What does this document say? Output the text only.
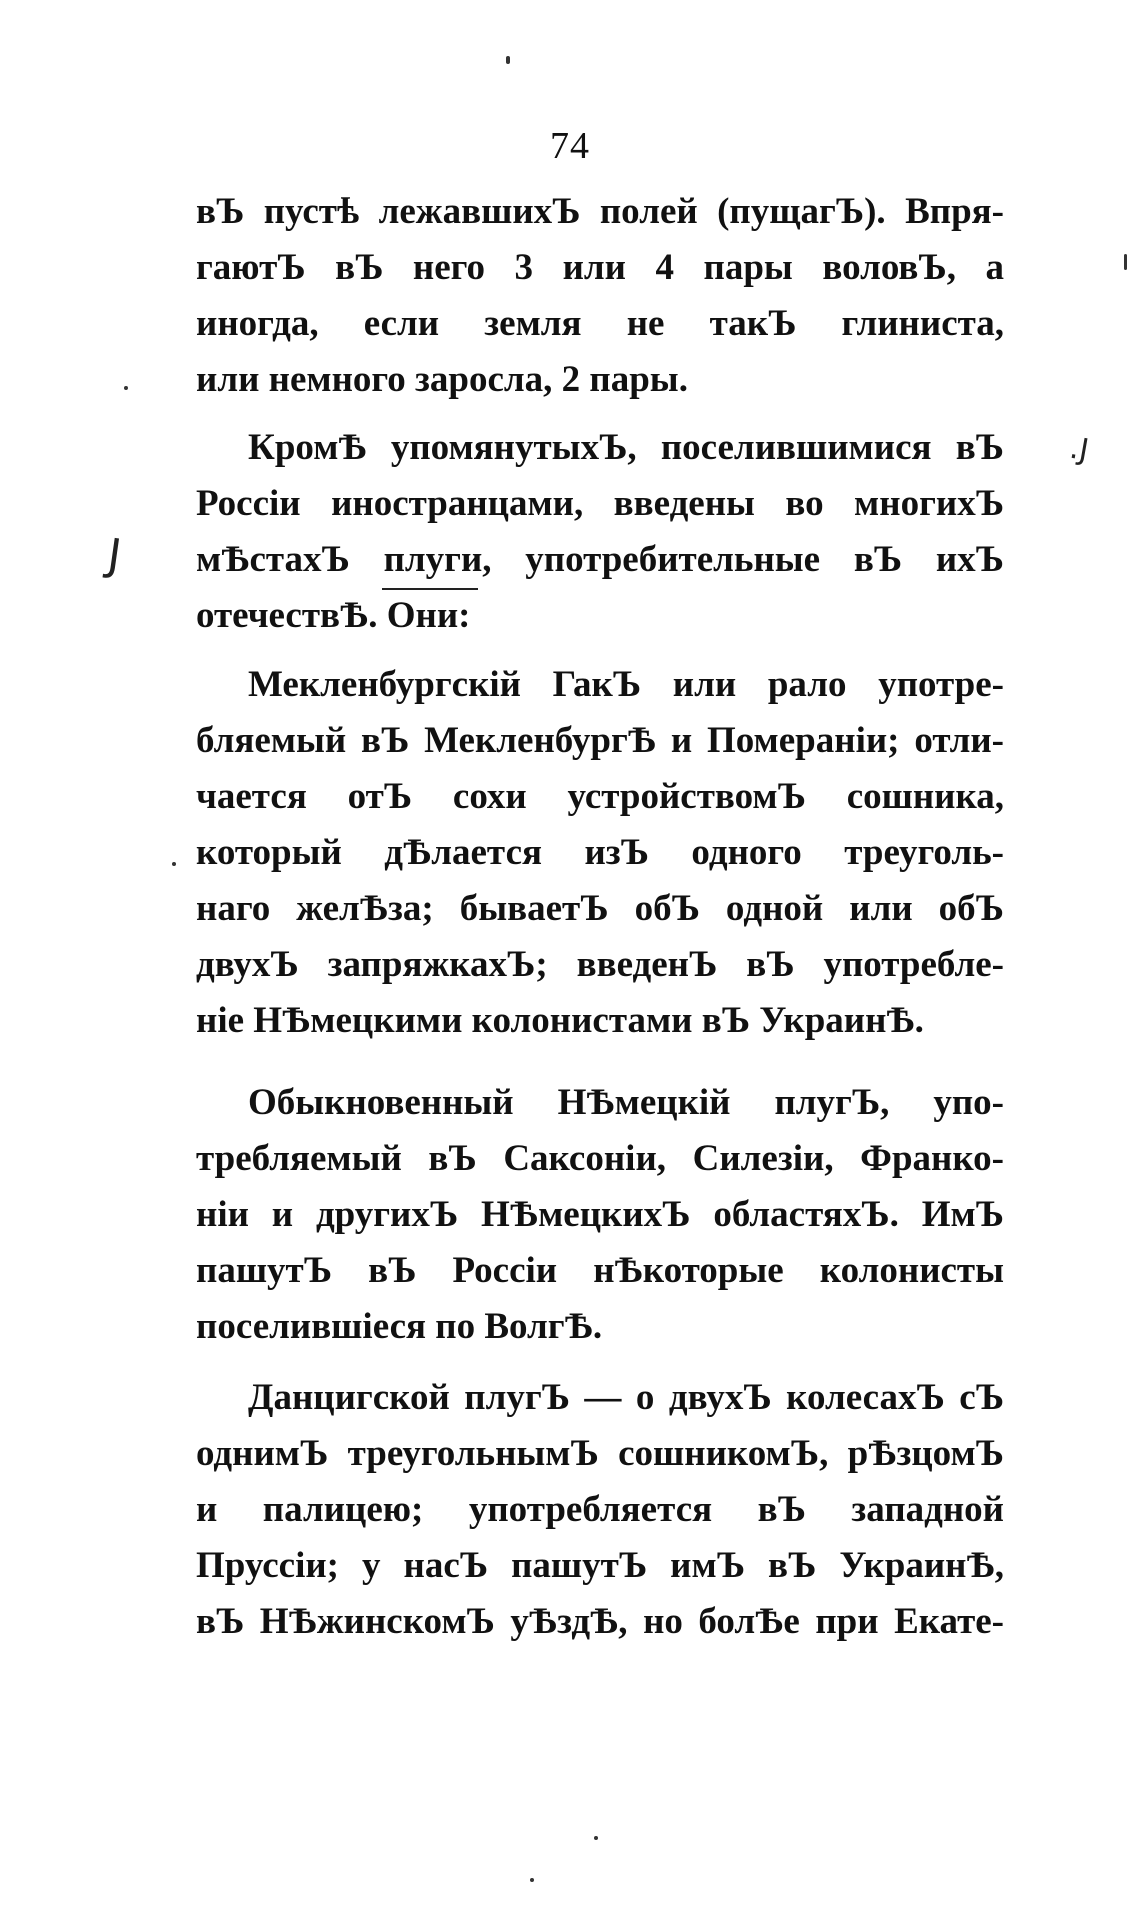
74
вЪ пустѣ лежавшихЪ полей (пущагЪ). Впря-
гаютЪ вЪ него 3 или 4 пары воловЪ, а
иногда, если земля не такЪ глиниста,
или немного заросла, 2 пары.
КромѢ упомянутыхЪ, поселившимися вЪ
Россіи иностранцами, введены во многихЪ
мѢстахЪ плуги, употребительные вЪ ихЪ
отечествѢ. Они:
Мекленбургскій ГакЪ или рало употре-
бляемый вЪ МекленбургѢ и Помераніи; отли-
чается отЪ сохи устройствомЪ сошника,
который дѢлается изЪ одного треуголь-
наго желѢза; бываетЪ обЪ одной или обЪ
двухЪ запряжкахЪ; введенЪ вЪ употребле-
ніе НѢмецкими колонистами вЪ УкраинѢ.
Обыкновенный НѢмецкій плугЪ, упо-
требляемый вЪ Саксоніи, Силезіи, Франко-
ніи и другихЪ НѢмецкихЪ областяхЪ. ИмЪ
пашутЪ вЪ Россіи нѢкоторые колонисты
поселившіеся по ВолгѢ.
Данцигской плугЪ — о двухЪ колесахЪ сЪ
однимЪ треугольнымЪ сошникомЪ, рѢзцомЪ
и палицею; употребляется вЪ западной
Пруссіи; у насЪ пашутЪ имЪ вЪ УкраинѢ,
вЪ НѢжинскомЪ уѢздѢ, но болѢе при Екате-
J
.J
